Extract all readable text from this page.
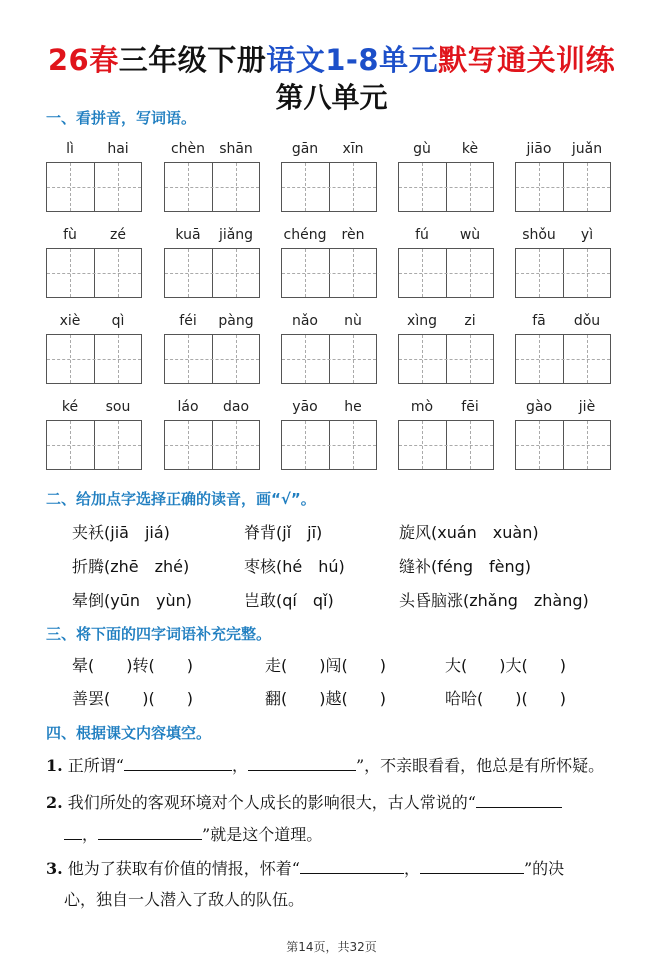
26春三年级下册语文1-8单元默写通关训练
第八单元
一、看拼音，写词语。
lì	hai	chèn	shān	gān	xīn	gù	kè	jiāo	juǎn
fù	zé	kuā	jiǎng	chéng	rèn	fú	wù	shǒu	yì
xiè	qì	féi	pàng	nǎo	nù	xìng	zi	fā	dǒu
ké	sou	láo	dao	yāo	he	mò	fēi	gào	jiè
二、给加点字选择正确的读音，画“√”。
夹袄(jiā　jiá)	脊背(jǐ　jī)	旋风(xuán　xuàn)
折腾(zhē　zhé)	枣核(hé　hú)	缝补(féng　fèng)
晕倒(yūn　yùn)	岂敢(qí　qǐ)	头昏脑涨(zhǎng　zhàng)
三、将下面的四字词语补充完整。
晕(　　)转(　　)	走(　　)闯(　　)	大(　　)大(　　)
善罢(　　)(　　)	翻(　　)越(　　)	哈哈(　　)(　　)
四、根据课文内容填空。
1. 正所谓“	，	”，不亲眼看看，他总是有所怀疑。
2. 我们所处的客观环境对个人成长的影响很大，古人常说的“
，	”就是这个道理。
3. 他为了获取有价值的情报，怀着“	，	”的决
心，独自一人潜入了敌人的队伍。
第14页，共32页
